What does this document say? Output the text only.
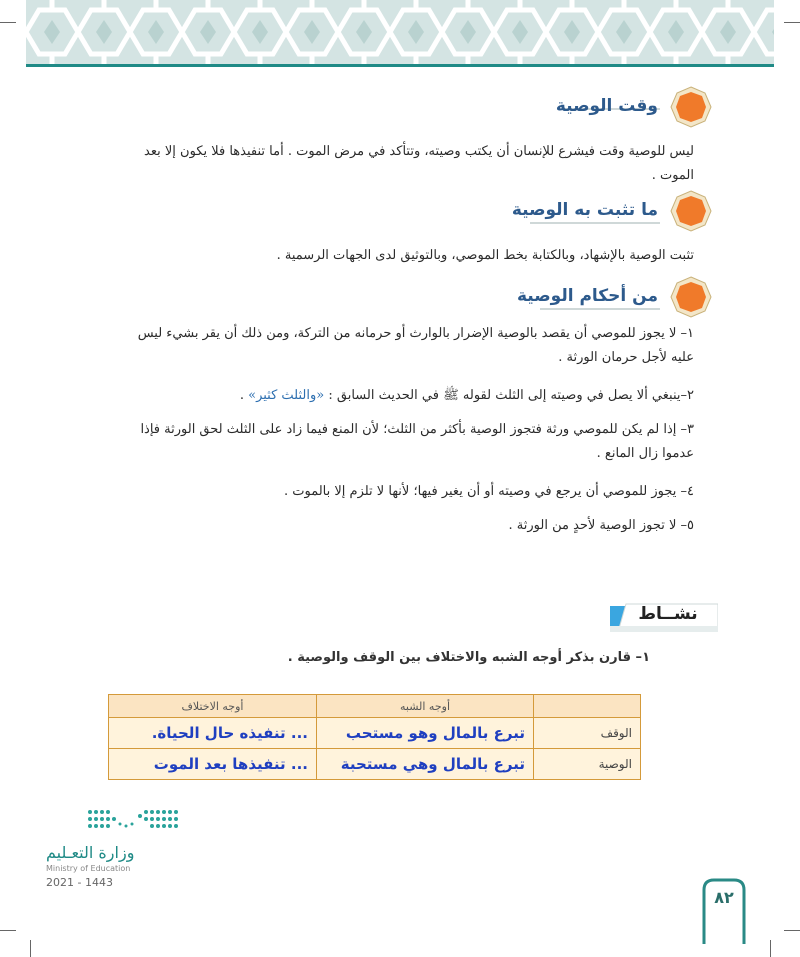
وقت الوصية
ليس للوصية وقت فيشرع للإنسان أن يكتب وصيته، وتتأكد في مرض الموت . أما تنفيذها فلا يكون إلا بعد الموت .
ما تثبت به الوصية
تثبت الوصية بالإشهاد، وبالكتابة بخط الموصي، وبالتوثيق لدى الجهات الرسمية .
من أحكام الوصية
١– لا يجوز للموصي أن يقصد بالوصية الإضرار بالوارث أو حرمانه من التركة، ومن ذلك أن يقر بشيء ليس
عليه لأجل حرمان الورثة .
٢–ينبغي ألا يصل في وصيته إلى الثلث لقوله ﷺ في الحديث السابق : «والثلث كثير» .
٣– إذا لم يكن للموصي ورثة فتجوز الوصية بأكثر من الثلث؛ لأن المنع فيما زاد على الثلث لحق الورثة فإذا
عدموا زال المانع .
٤– يجوز للموصي أن يرجع في وصيته أو أن يغير فيها؛ لأنها لا تلزم إلا بالموت .
٥– لا تجوز الوصية لأحدٍ من الورثة .
نشــاط
١– قارن بذكر أوجه الشبه والاختلاف بين الوقف والوصية .
	أوجه الشبه	أوجه الاختلاف
الوقف	تبرع بالمال وهو مستحب	... تنفيذه حال الحياة.
الوصية	تبرع بالمال وهي مستحبة	... تنفيذها بعد الموت
وزارة التعـليم
Ministry of Education
2021 - 1443
٨٢
